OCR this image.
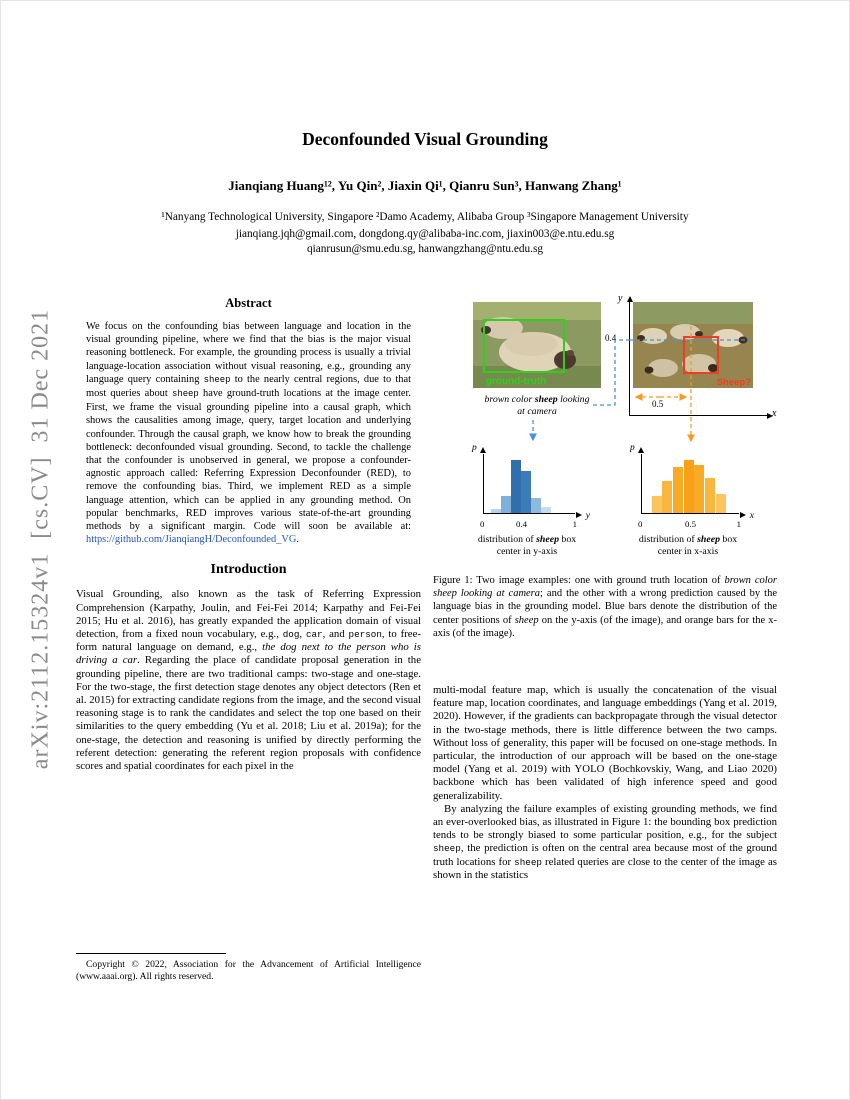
arXiv:2112.15324v1  [cs.CV]  31 Dec 2021
Deconfounded Visual Grounding
Jianqiang Huang¹², Yu Qin², Jiaxin Qi¹, Qianru Sun³, Hanwang Zhang¹
¹Nanyang Technological University, Singapore ²Damo Academy, Alibaba Group ³Singapore Management University
jianqiang.jqh@gmail.com, dongdong.qy@alibaba-inc.com, jiaxin003@e.ntu.edu.sg
qianrusun@smu.edu.sg, hanwangzhang@ntu.edu.sg
Abstract

We focus on the confounding bias between language and location in the visual grounding pipeline, where we find that the bias is the major visual reasoning bottleneck. For example, the grounding process is usually a trivial language-location association without visual reasoning, e.g., grounding any language query containing sheep to the nearly central regions, due to that most queries about sheep have ground-truth locations at the image center. First, we frame the visual grounding pipeline into a causal graph, which shows the causalities among image, query, target location and underlying confounder. Through the causal graph, we know how to break the grounding bottleneck: deconfounded visual grounding. Second, to tackle the challenge that the confounder is unobserved in general, we propose a confounder-agnostic approach called: Referring Expression Deconfounder (RED), to remove the confounding bias. Third, we implement RED as a simple language attention, which can be applied in any grounding method. On popular benchmarks, RED improves various state-of-the-art grounding methods by a significant margin. Code will soon be available at: https://github.com/JianqiangH/Deconfounded_VG.

Introduction

Visual Grounding, also known as the task of Referring Expression Comprehension (Karpathy, Joulin, and Fei-Fei 2014; Karpathy and Fei-Fei 2015; Hu et al. 2016), has greatly expanded the application domain of visual detection, from a fixed noun vocabulary, e.g., dog, car, and person, to free-form natural language on demand, e.g., the dog next to the person who is driving a car. Regarding the place of candidate proposal generation in the grounding pipeline, there are two traditional camps: two-stage and one-stage. For the two-stage, the first detection stage denotes any object detectors (Ren et al. 2015) for extracting candidate regions from the image, and the second visual reasoning stage is to rank the candidates and select the top one based on their similarities to the query embedding (Yu et al. 2018; Liu et al. 2019a); for the one-stage, the detection and reasoning is unified by directly performing the referent detection: generating the referent region proposals with confidence scores and spatial coordinates for each pixel in the

Copyright © 2022, Association for the Advancement of Artificial Intelligence (www.aaai.org). All rights reserved.

ground-truth	Sheep?
y
x
0.4
0.5
brown color sheep looking at camera
p
y
0	0.4	1
p
x
0	0.5	1
distribution of sheep box center in y-axis
distribution of sheep box center in x-axis

Figure 1: Two image examples: one with ground truth location of brown color sheep looking at camera; and the other with a wrong prediction caused by the language bias in the grounding model. Blue bars denote the distribution of the center positions of sheep on the y-axis (of the image), and orange bars for the x-axis (of the image).

multi-modal feature map, which is usually the concatenation of the visual feature map, location coordinates, and language embeddings (Yang et al. 2019, 2020). However, if the gradients can backpropagate through the visual detector in the two-stage methods, there is little difference between the two camps. Without loss of generality, this paper will be focused on one-stage methods. In particular, the introduction of our approach will be based on the one-stage model (Yang et al. 2019) with YOLO (Bochkovskiy, Wang, and Liao 2020) backbone which has been validated of high inference speed and good generalizability.

By analyzing the failure examples of existing grounding methods, we find an ever-overlooked bias, as illustrated in Figure 1: the bounding box prediction tends to be strongly biased to some particular position, e.g., for the subject sheep, the prediction is often on the central area because most of the ground truth locations for sheep related queries are close to the center of the image as shown in the statistics
